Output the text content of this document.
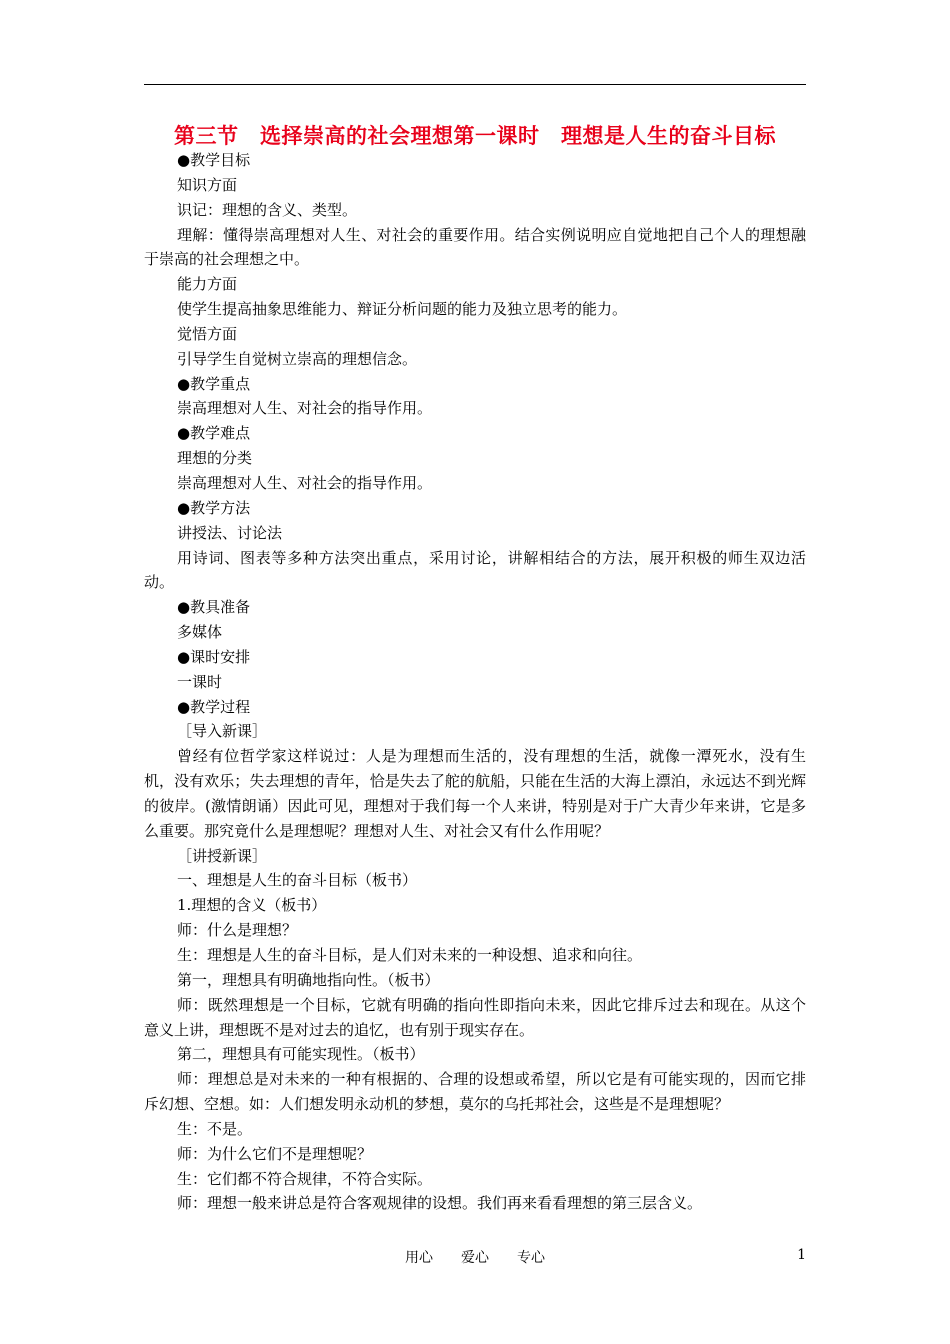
第三节　选择崇高的社会理想第一课时　理想是人生的奋斗目标

●教学目标

知识方面

识记：理想的含义、类型。

理解：懂得崇高理想对人生、对社会的重要作用。结合实例说明应自觉地把自己个人的理想融于崇高的社会理想之中。

能力方面

使学生提高抽象思维能力、辩证分析问题的能力及独立思考的能力。

觉悟方面

引导学生自觉树立崇高的理想信念。

●教学重点

崇高理想对人生、对社会的指导作用。

●教学难点

理想的分类

崇高理想对人生、对社会的指导作用。

●教学方法

讲授法、讨论法

用诗词、图表等多种方法突出重点，采用讨论，讲解相结合的方法，展开积极的师生双边活动。

●教具准备

多媒体

●课时安排

一课时

●教学过程

［导入新课］

曾经有位哲学家这样说过：人是为理想而生活的，没有理想的生活，就像一潭死水，没有生机，没有欢乐；失去理想的青年，恰是失去了舵的航船，只能在生活的大海上漂泊，永远达不到光辉的彼岸。(激情朗诵）因此可见，理想对于我们每一个人来讲，特别是对于广大青少年来讲，它是多么重要。那究竟什么是理想呢？理想对人生、对社会又有什么作用呢？

［讲授新课］

一、理想是人生的奋斗目标（板书）

1.理想的含义（板书）

师：什么是理想？

生：理想是人生的奋斗目标，是人们对未来的一种设想、追求和向往。

第一，理想具有明确地指向性。（板书）

师：既然理想是一个目标，它就有明确的指向性即指向未来，因此它排斥过去和现在。从这个意义上讲，理想既不是对过去的追忆，也有别于现实存在。

第二，理想具有可能实现性。（板书）

师：理想总是对未来的一种有根据的、合理的设想或希望，所以它是有可能实现的，因而它排斥幻想、空想。如：人们想发明永动机的梦想，莫尔的乌托邦社会，这些是不是理想呢？

生：不是。

师：为什么它们不是理想呢？

生：它们都不符合规律，不符合实际。

师：理想一般来讲总是符合客观规律的设想。我们再来看看理想的第三层含义。

用心　　爱心　　专心	1
